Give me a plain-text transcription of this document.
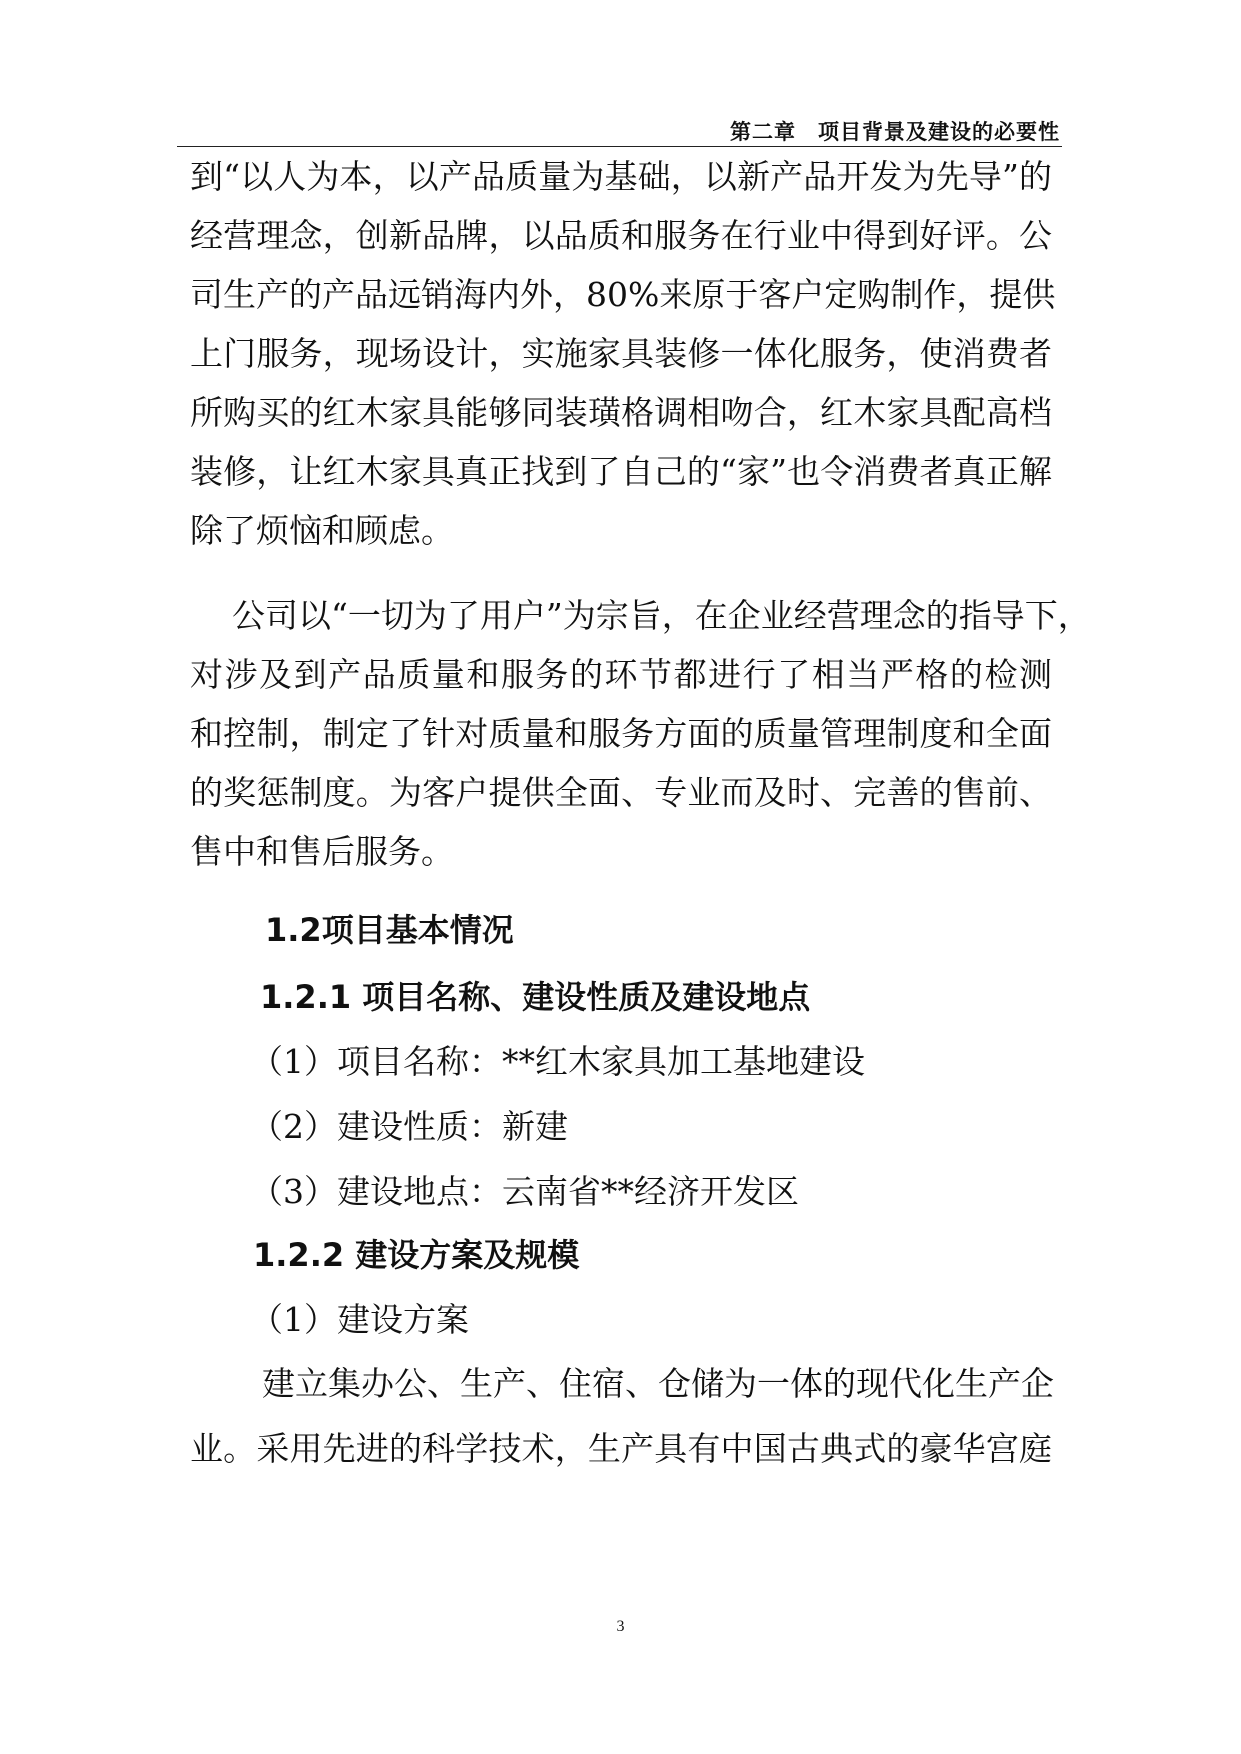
第二章　项目背景及建设的必要性
到“以人为本，以产品质量为基础，以新产品开发为先导”的
经营理念，创新品牌，以品质和服务在行业中得到好评。公
司生产的产品远销海内外，80%来原于客户定购制作，提供
上门服务，现场设计，实施家具装修一体化服务，使消费者
所购买的红木家具能够同装璜格调相吻合，红木家具配高档
装修，让红木家具真正找到了自己的“家”也令消费者真正解
除了烦恼和顾虑。
公司以“一切为了用户”为宗旨，在企业经营理念的指导下，
对涉及到产品质量和服务的环节都进行了相当严格的检测
和控制，制定了针对质量和服务方面的质量管理制度和全面
的奖惩制度。为客户提供全面、专业而及时、完善的售前、
售中和售后服务。
1.2项目基本情况
1.2.1 项目名称、建设性质及建设地点
（1）项目名称：**红木家具加工基地建设
（2）建设性质：新建
（3）建设地点：云南省**经济开发区
1.2.2 建设方案及规模
（1）建设方案
建立集办公、生产、住宿、仓储为一体的现代化生产企
业。采用先进的科学技术，生产具有中国古典式的豪华宫庭
3
